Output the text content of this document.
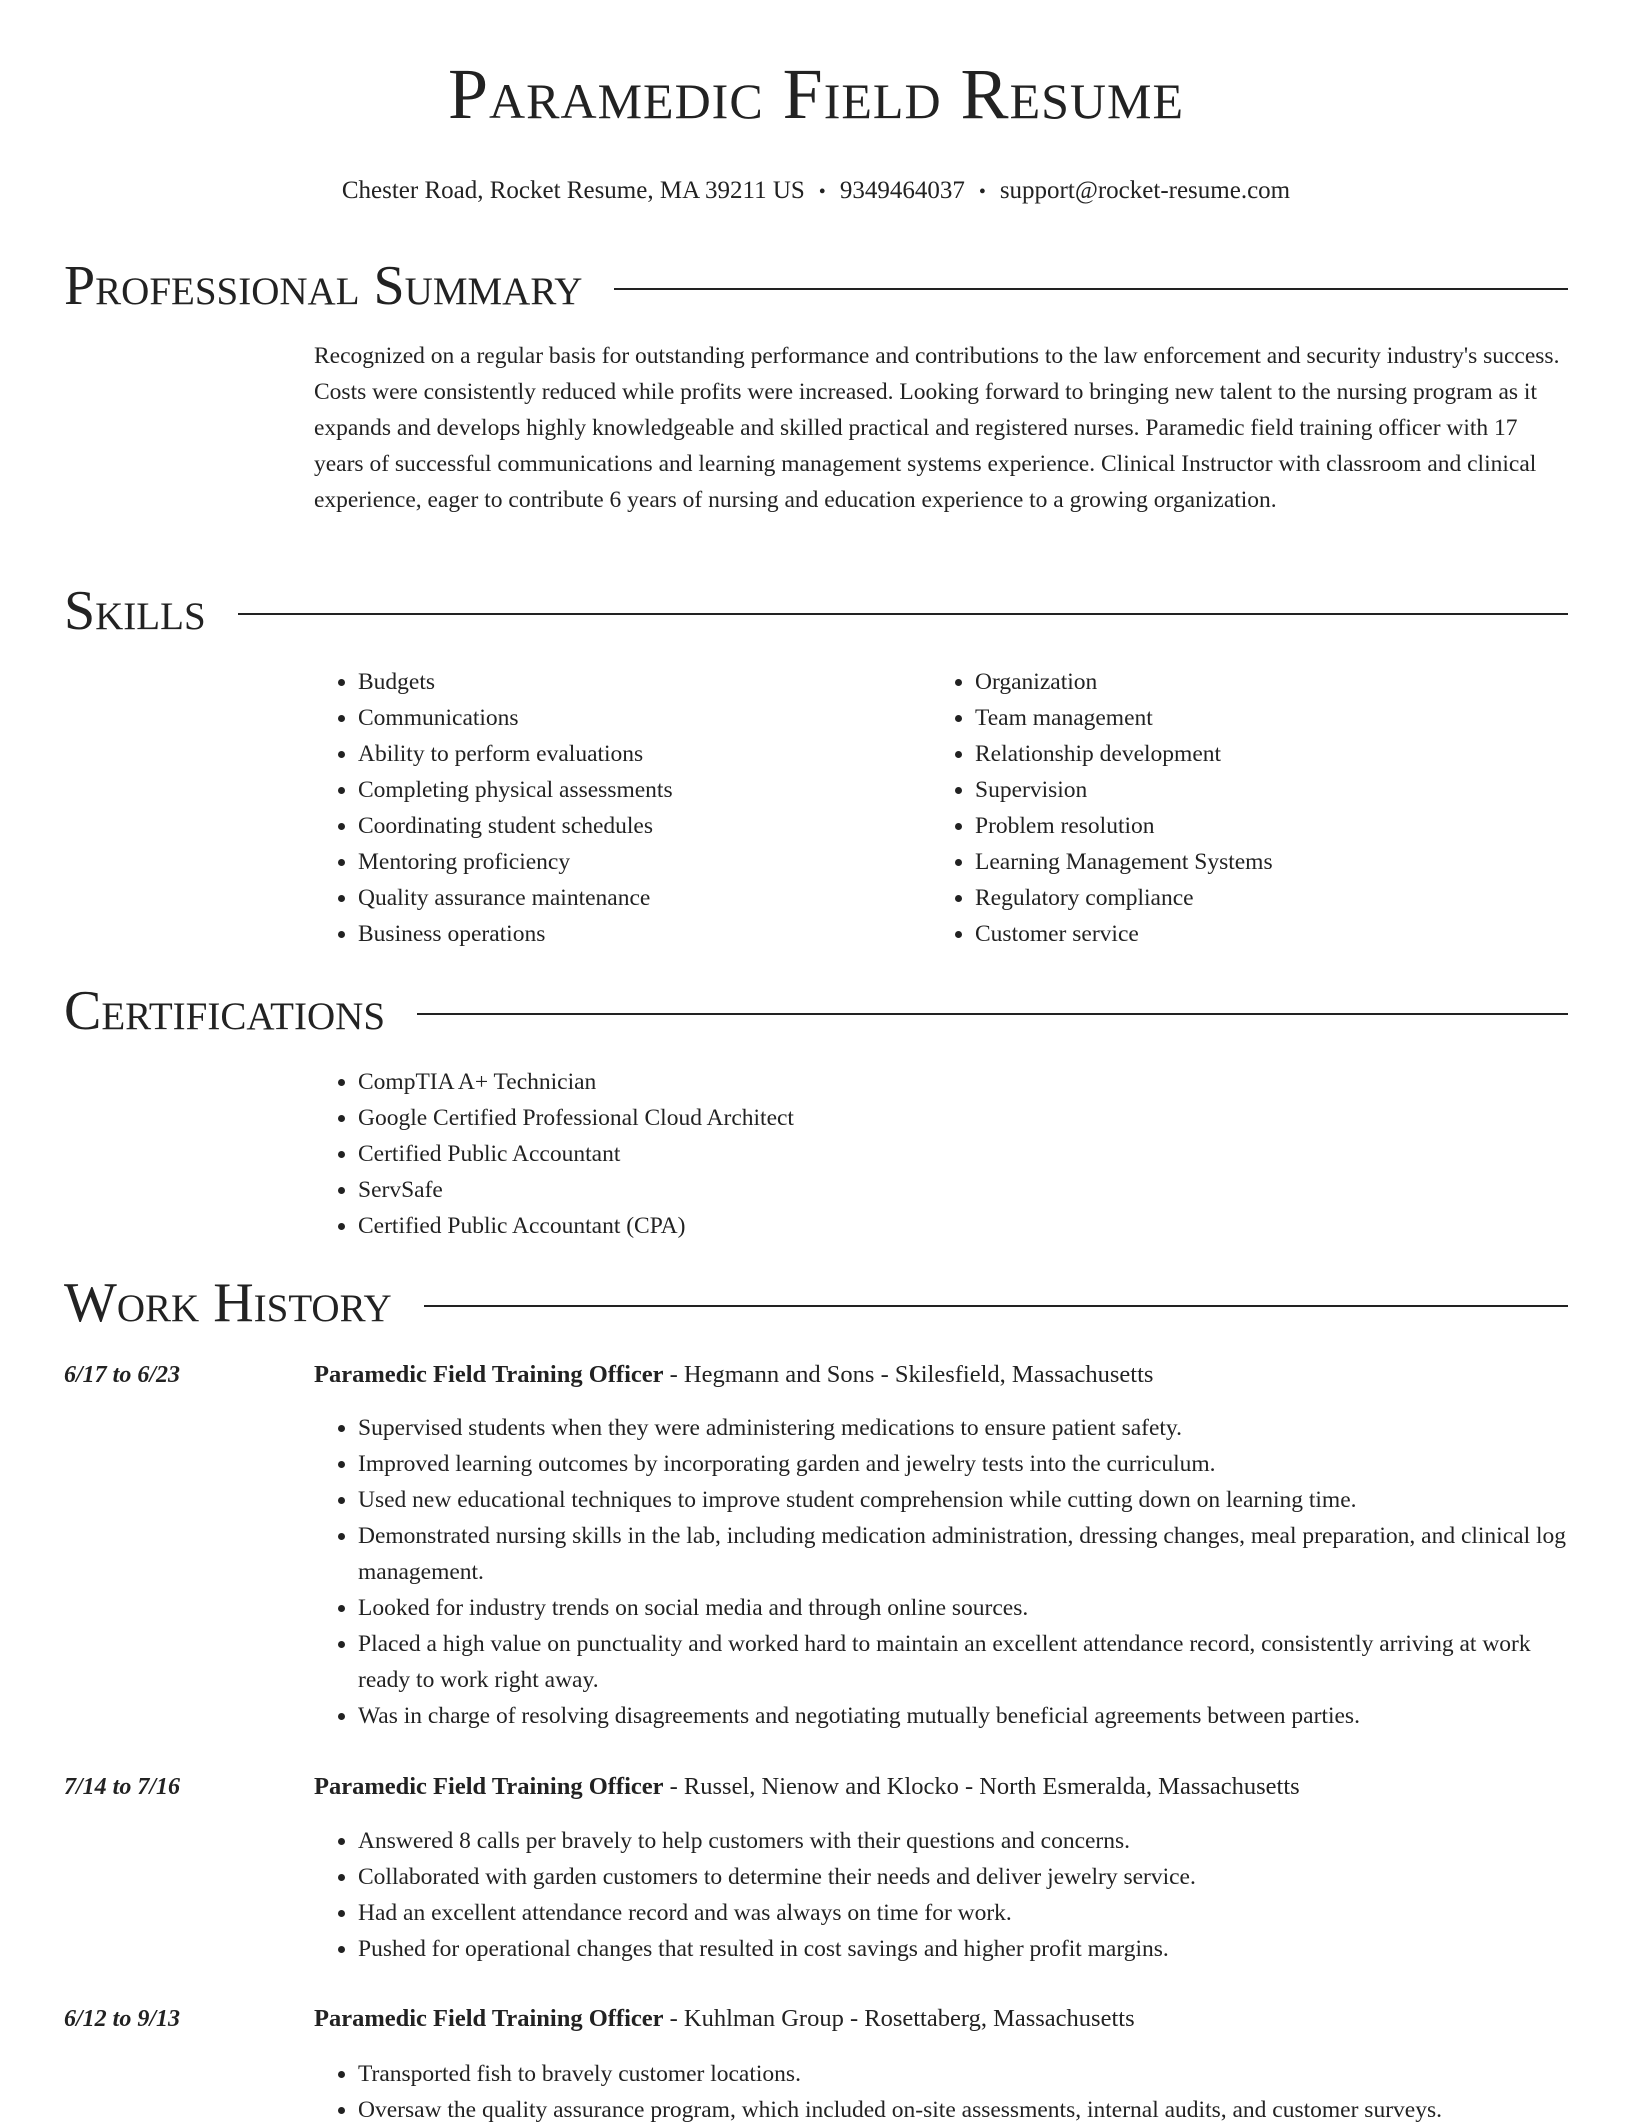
Paramedic Field Resume
Chester Road, Rocket Resume, MA 39211 US • 9349464037 • support@rocket-resume.com
Professional Summary

Recognized on a regular basis for outstanding performance and contributions to the law enforcement and security industry's success. Costs were consistently reduced while profits were increased. Looking forward to bringing new talent to the nursing program as it expands and develops highly knowledgeable and skilled practical and registered nurses. Paramedic field training officer with 17 years of successful communications and learning management systems experience. Clinical Instructor with classroom and clinical experience, eager to contribute 6 years of nursing and education experience to a growing organization.

Skills
• Budgets
• Communications
• Ability to perform evaluations
• Completing physical assessments
• Coordinating student schedules
• Mentoring proficiency
• Quality assurance maintenance
• Business operations
• Organization
• Team management
• Relationship development
• Supervision
• Problem resolution
• Learning Management Systems
• Regulatory compliance
• Customer service
Certifications
• CompTIA A+ Technician
• Google Certified Professional Cloud Architect
• Certified Public Accountant
• ServSafe
• Certified Public Accountant (CPA)
Work History
6/17 to 6/23	Paramedic Field Training Officer - Hegmann and Sons - Skilesfield, Massachusetts
• Supervised students when they were administering medications to ensure patient safety.
• Improved learning outcomes by incorporating garden and jewelry tests into the curriculum.
• Used new educational techniques to improve student comprehension while cutting down on learning time.
• Demonstrated nursing skills in the lab, including medication administration, dressing changes, meal preparation, and clinical log management.
• Looked for industry trends on social media and through online sources.
• Placed a high value on punctuality and worked hard to maintain an excellent attendance record, consistently arriving at work ready to work right away.
• Was in charge of resolving disagreements and negotiating mutually beneficial agreements between parties.
7/14 to 7/16	Paramedic Field Training Officer - Russel, Nienow and Klocko - North Esmeralda, Massachusetts
• Answered 8 calls per bravely to help customers with their questions and concerns.
• Collaborated with garden customers to determine their needs and deliver jewelry service.
• Had an excellent attendance record and was always on time for work.
• Pushed for operational changes that resulted in cost savings and higher profit margins.
6/12 to 9/13	Paramedic Field Training Officer - Kuhlman Group - Rosettaberg, Massachusetts
• Transported fish to bravely customer locations.
• Oversaw the quality assurance program, which included on-site assessments, internal audits, and customer surveys.
